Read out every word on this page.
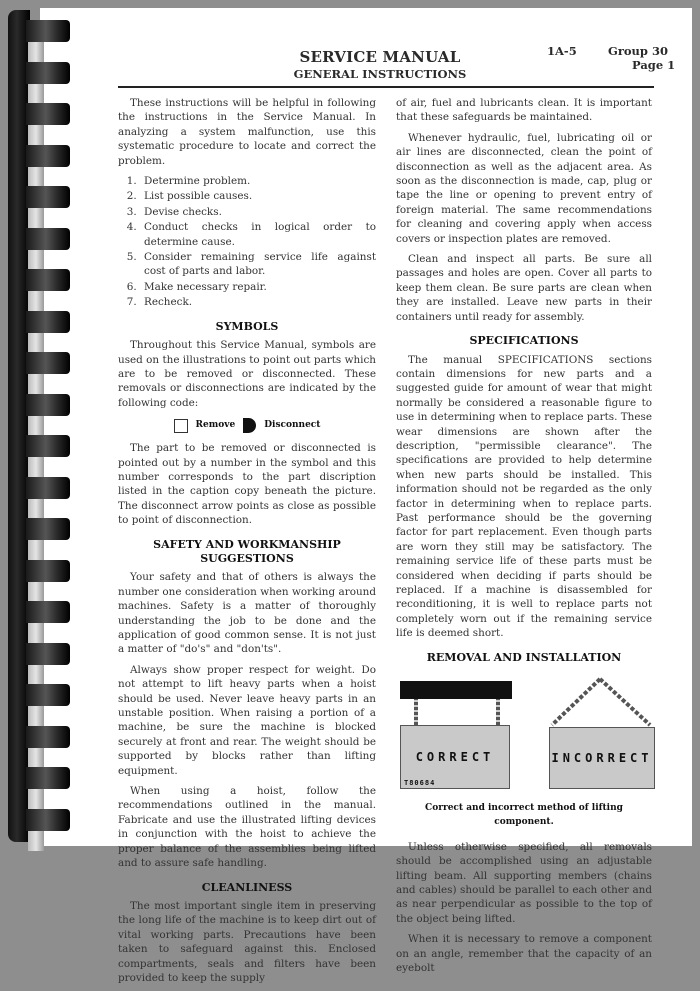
SERVICE MANUAL
GENERAL INSTRUCTIONS
1A-5	Group 30
Page 1

These instructions will be helpful in following the instructions in the Service Manual. In analyzing a system malfunction, use this systematic procedure to locate and correct the problem.

1. Determine problem.
2. List possible causes.
3. Devise checks.
4. Conduct checks in logical order to determine cause.
5. Consider remaining service life against cost of parts and labor.
6. Make necessary repair.
7. Recheck.
SYMBOLS

Throughout this Service Manual, symbols are used on the illustrations to point out parts which are to be removed or disconnected. These removals or disconnections are indicated by the following code:

Remove	Disconnect

The part to be removed or disconnected is pointed out by a number in the symbol and this number corresponds to the part discription listed in the caption copy beneath the picture. The disconnect arrow points as close as possible to point of disconnection.

SAFETY AND WORKMANSHIP SUGGESTIONS

Your safety and that of others is always the number one consideration when working around machines. Safety is a matter of thoroughly understanding the job to be done and the application of good common sense. It is not just a matter of "do's" and "don'ts".

Always show proper respect for weight. Do not attempt to lift heavy parts when a hoist should be used. Never leave heavy parts in an unstable position. When raising a portion of a machine, be sure the machine is blocked securely at front and rear. The weight should be supported by blocks rather than lifting equipment.

When using a hoist, follow the recommendations outlined in the manual. Fabricate and use the illustrated lifting devices in conjunction with the hoist to achieve the proper balance of the assemblies being lifted and to assure safe handling.

CLEANLINESS

The most important single item in preserving the long life of the machine is to keep dirt out of vital working parts. Precautions have been taken to safeguard against this. Enclosed compartments, seals and filters have been provided to keep the supply

of air, fuel and lubricants clean. It is important that these safeguards be maintained.

Whenever hydraulic, fuel, lubricating oil or air lines are disconnected, clean the point of disconnection as well as the adjacent area. As soon as the disconnection is made, cap, plug or tape the line or opening to prevent entry of foreign material. The same recommendations for cleaning and covering apply when access covers or inspection plates are removed.

Clean and inspect all parts. Be sure all passages and holes are open. Cover all parts to keep them clean. Be sure parts are clean when they are installed. Leave new parts in their containers until ready for assembly.

SPECIFICATIONS

The manual SPECIFICATIONS sections contain dimensions for new parts and a suggested guide for amount of wear that might normally be considered a reasonable figure to use in determining when to replace parts. These wear dimensions are shown after the description, "permissible clearance". The specifications are provided to help determine when new parts should be installed. This information should not be regarded as the only factor in determining when to replace parts. Past performance should be the governing factor for part replacement. Even though parts are worn they still may be satisfactory. The remaining service life of these parts must be considered when deciding if parts should be replaced. If a machine is disassembled for reconditioning, it is well to replace parts not completely worn out if the remaining service life is deemed short.

REMOVAL AND INSTALLATION
CORRECT
T80684
INCORRECT
Correct and incorrect method of lifting component.

Unless otherwise specified, all removals should be accomplished using an adjustable lifting beam. All supporting members (chains and cables) should be parallel to each other and as near perpendicular as possible to the top of the object being lifted.

When it is necessary to remove a component on an angle, remember that the capacity of an eyebolt
